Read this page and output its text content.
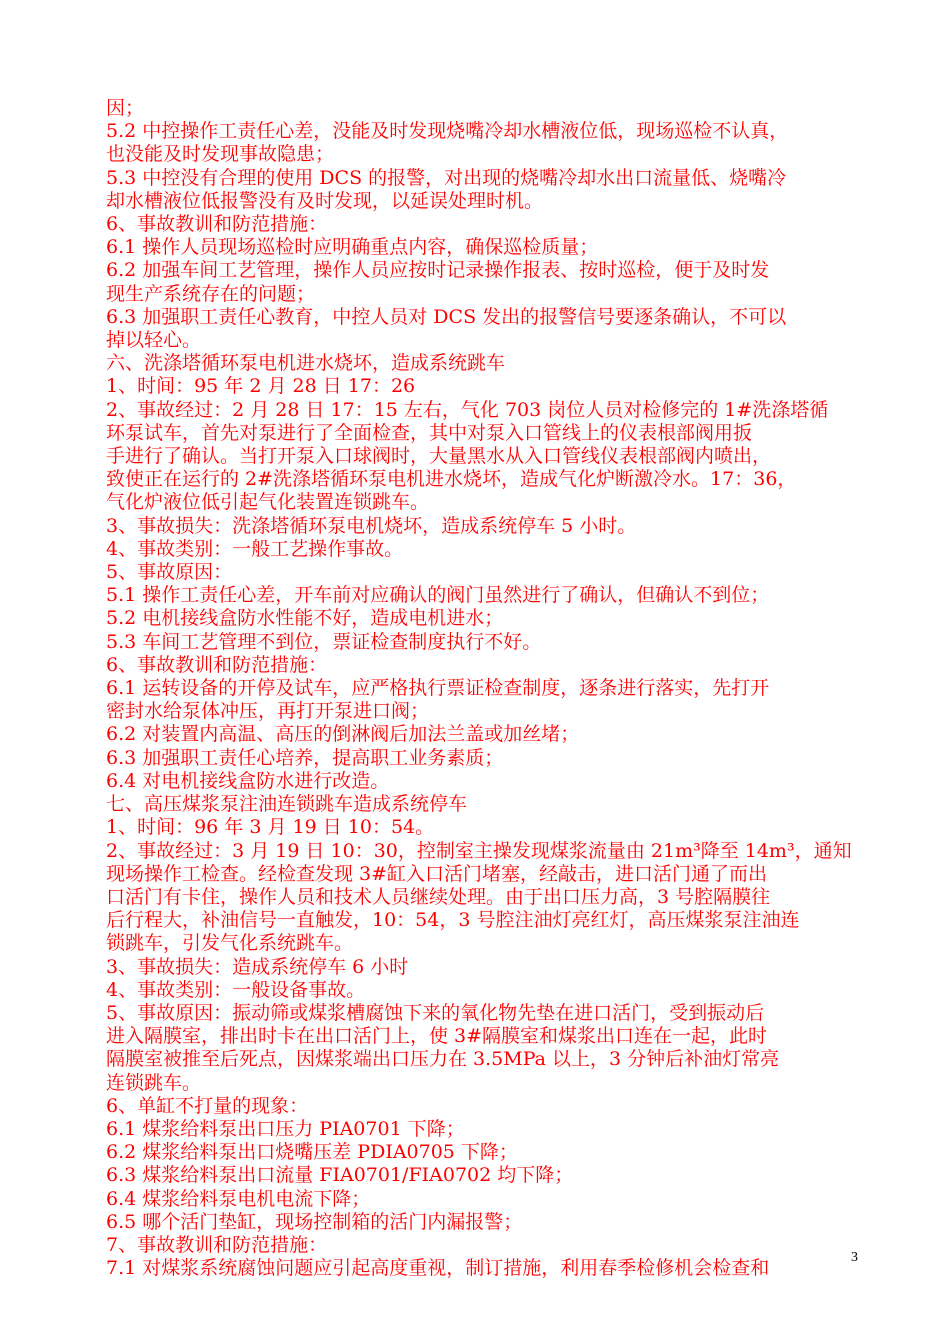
因；
5.2 中控操作工责任心差，没能及时发现烧嘴冷却水槽液位低，现场巡检不认真，
也没能及时发现事故隐患；
5.3 中控没有合理的使用 DCS 的报警，对出现的烧嘴冷却水出口流量低、烧嘴冷
却水槽液位低报警没有及时发现，以延误处理时机。
6、事故教训和防范措施：
6.1 操作人员现场巡检时应明确重点内容，确保巡检质量；
6.2 加强车间工艺管理，操作人员应按时记录操作报表、按时巡检，便于及时发
现生产系统存在的问题；
6.3 加强职工责任心教育，中控人员对 DCS 发出的报警信号要逐条确认，不可以
掉以轻心。
六、洗涤塔循环泵电机进水烧坏，造成系统跳车
1、时间：95 年 2 月 28 日 17：26
2、事故经过：2 月 28 日 17：15 左右，气化 703 岗位人员对检修完的 1#洗涤塔循
环泵试车，首先对泵进行了全面检查，其中对泵入口管线上的仪表根部阀用扳
手进行了确认。当打开泵入口球阀时，大量黑水从入口管线仪表根部阀内喷出，
致使正在运行的 2#洗涤塔循环泵电机进水烧坏，造成气化炉断激冷水。17：36，
气化炉液位低引起气化装置连锁跳车。
3、事故损失：洗涤塔循环泵电机烧坏，造成系统停车 5 小时。
4、事故类别：一般工艺操作事故。
5、事故原因：
5.1 操作工责任心差，开车前对应确认的阀门虽然进行了确认，但确认不到位；
5.2 电机接线盒防水性能不好，造成电机进水；
5.3 车间工艺管理不到位，票证检查制度执行不好。
6、事故教训和防范措施：
6.1 运转设备的开停及试车，应严格执行票证检查制度，逐条进行落实，先打开
密封水给泵体冲压，再打开泵进口阀；
6.2 对装置内高温、高压的倒淋阀后加法兰盖或加丝堵；
6.3 加强职工责任心培养，提高职工业务素质；
6.4 对电机接线盒防水进行改造。
七、高压煤浆泵注油连锁跳车造成系统停车
1、时间：96 年 3 月 19 日 10：54。
2、事故经过：3 月 19 日 10：30，控制室主操发现煤浆流量由 21m³降至 14m³，通知
现场操作工检查。经检查发现 3#缸入口活门堵塞，经敲击，进口活门通了而出
口活门有卡住，操作人员和技术人员继续处理。由于出口压力高，3 号腔隔膜往
后行程大，补油信号一直触发，10：54，3 号腔注油灯亮红灯，高压煤浆泵注油连
锁跳车，引发气化系统跳车。
3、事故损失：造成系统停车 6 小时
4、事故类别：一般设备事故。
5、事故原因：振动筛或煤浆槽腐蚀下来的氧化物先垫在进口活门，受到振动后
进入隔膜室，排出时卡在出口活门上，使 3#隔膜室和煤浆出口连在一起，此时
隔膜室被推至后死点，因煤浆端出口压力在 3.5MPa 以上，3 分钟后补油灯常亮
连锁跳车。
6、单缸不打量的现象：
6.1 煤浆给料泵出口压力 PIA0701 下降；
6.2 煤浆给料泵出口烧嘴压差 PDIA0705 下降；
6.3 煤浆给料泵出口流量 FIA0701/FIA0702 均下降；
6.4 煤浆给料泵电机电流下降；
6.5 哪个活门垫缸，现场控制箱的活门内漏报警；
7、事故教训和防范措施：
7.1 对煤浆系统腐蚀问题应引起高度重视，制订措施，利用春季检修机会检查和	3
